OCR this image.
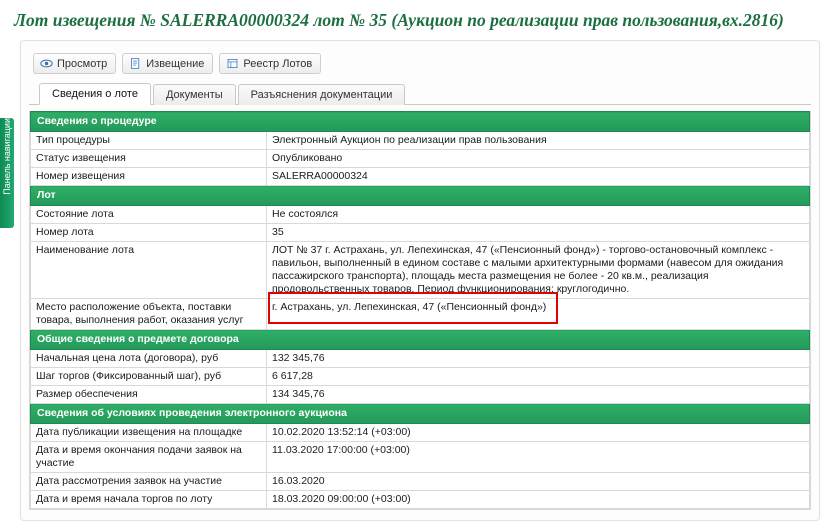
Лот извещения № SALERRA00000324 лот № 35 (Аукцион по реализации прав пользования,вх.2816)
Панель навигации
Просмотр	Извещение	Реестр Лотов
Сведения о лоте	Документы	Разъяснения документации
Сведения о процедуре	
Тип процедуры	Электронный Аукцион по реализации прав пользования
Статус извещения	Опубликовано
Номер извещения	SALERRA00000324
Лот	
Состояние лота	Не состоялся
Номер лота	35
Наименование лота	ЛОТ № 37 г. Астрахань, ул. Лепехинская, 47 («Пенсионный фонд») - торгово-остановочный комплекс - павильон, выполненный в едином составе с малыми архитектурными формами (навесом для ожидания пассажирского транспорта), площадь места размещения не более - 20 кв.м., реализация продовольственных товаров. Период функционирования: круглогодично.
Место расположение объекта, поставки товара, выполнения работ, оказания услуг	г. Астрахань, ул. Лепехинская, 47 («Пенсионный фонд»)
Общие сведения о предмете договора	
Начальная цена лота (договора), руб	132 345,76
Шаг торгов (Фиксированный шаг), руб	6 617,28
Размер обеспечения	134 345,76
Сведения об условиях проведения электронного аукциона	
Дата публикации извещения на площадке	10.02.2020 13:52:14 (+03:00)
Дата и время окончания подачи заявок на участие	11.03.2020 17:00:00 (+03:00)
Дата рассмотрения заявок на участие	16.03.2020
Дата и время начала торгов по лоту	18.03.2020 09:00:00 (+03:00)
